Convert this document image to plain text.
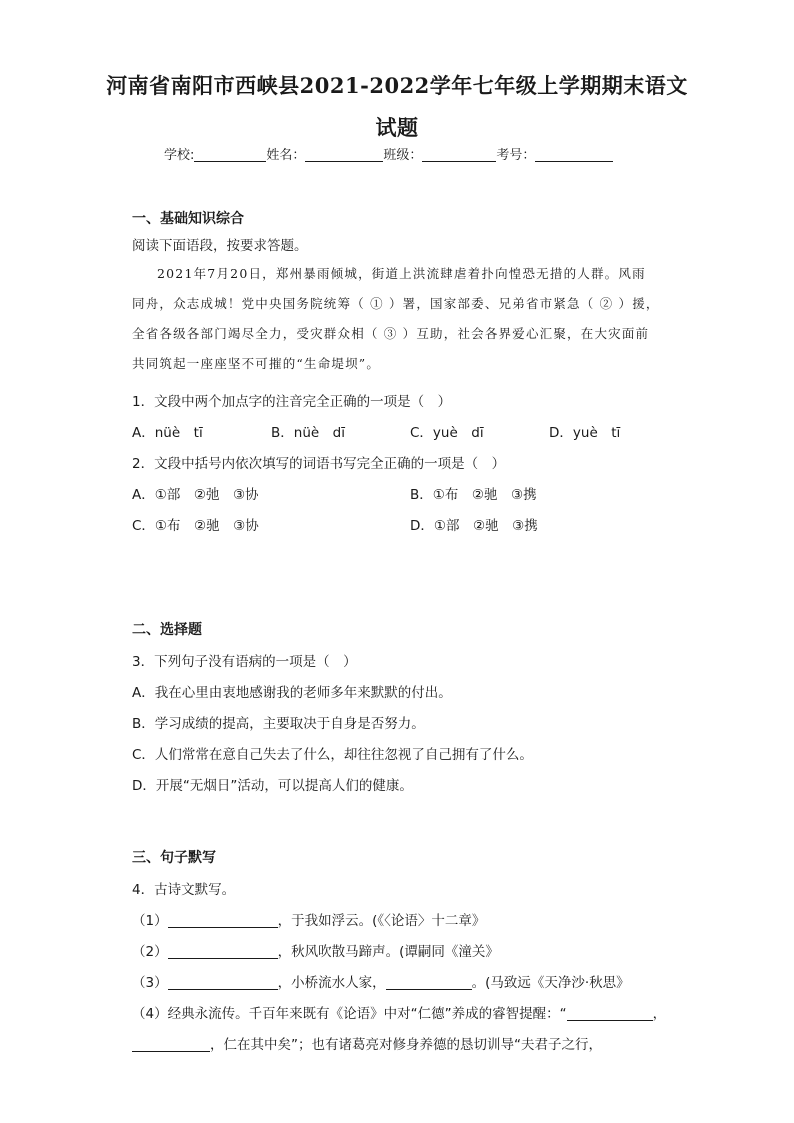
河南省南阳市西峡县2021-2022学年七年级上学期期末语文
试题
学校:	姓名：	班级：	考号：
一、基础知识综合
阅读下面语段，按要求答题。

2021年7月20日，郑州暴雨倾城，街道上洪流肆虐着扑向惶恐无措的人群。风雨

同舟，众志成城！党中央国务院统筹（ ① ）署，国家部委、兄弟省市紧急（ ② ）援，

全省各级各部门竭尽全力，受灾群众相（ ③ ）互助，社会各界爱心汇聚，在大灾面前

共同筑起一座座坚不可摧的“生命堤坝”。

1．文段中两个加点字的注音完全正确的一项是（　）
A．nüè　tī	B．nüè　dī	C．yuè　dī	D．yuè　tī
2．文段中括号内依次填写的词语书写完全正确的一项是（　）
A．①部　②弛　③协	B．①布　②驰　③携
C．①布　②驰　③协	D．①部　②驰　③携
二、选择题
3．下列句子没有语病的一项是（　）
A．我在心里由衷地感谢我的老师多年来默默的付出。
B．学习成绩的提高，主要取决于自身是否努力。
C．人们常常在意自己失去了什么，却往往忽视了自己拥有了什么。
D．开展“无烟日”活动，可以提高人们的健康。
三、句子默写
4．古诗文默写。
（1）	，于我如浮云。(《〈论语〉十二章》
（2）	，秋风吹散马蹄声。(谭嗣同《潼关》
（3）	，小桥流水人家，	。(马致远《天净沙·秋思》
（4）经典永流传。千百年来既有《论语》中对“仁德”养成的睿智提醒：“	，
，仁在其中矣”；也有诸葛亮对修身养德的恳切训导“夫君子之行，
